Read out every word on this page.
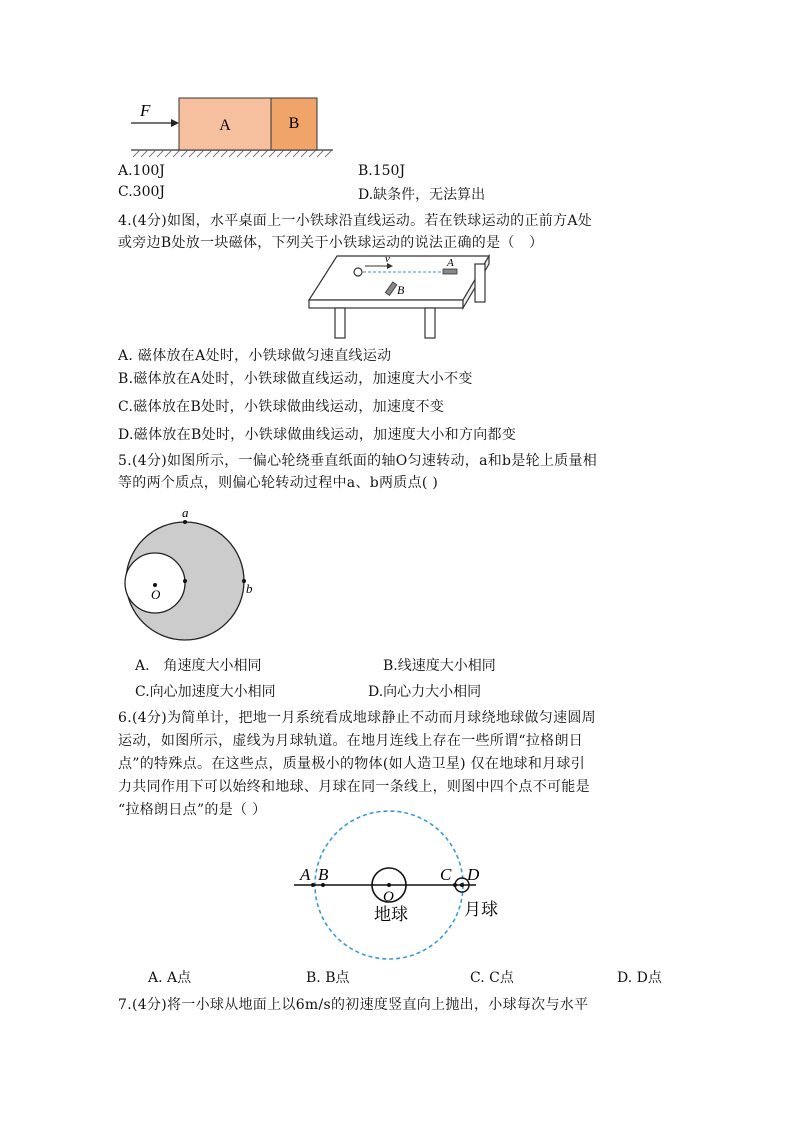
A	B
F
A.100J	B.150J
C.300J	D.缺条件，无法算出
4.(4分)如图，水平桌面上一小铁球沿直线运动。若在铁球运动的正前方A处
或旁边B处放一块磁体，下列关于小铁球运动的说法正确的是（　）
v	A
B
A. 磁体放在A处时，小铁球做匀速直线运动
B.磁体放在A处时，小铁球做直线运动，加速度大小不变
C.磁体放在B处时，小铁球做曲线运动，加速度不变
D.磁体放在B处时，小铁球做曲线运动，加速度大小和方向都变
5.(4分)如图所示，一偏心轮绕垂直纸面的轴O匀速转动，a和b是轮上质量相
等的两个质点，则偏心轮转动过程中a、b两质点( )
a
b
O
A.　角速度大小相同	B.线速度大小相同
C.向心加速度大小相同	D.向心力大小相同
6.(4分)为简单计，把地一月系统看成地球静止不动而月球绕地球做匀速圆周
运动，如图所示，虚线为月球轨道。在地月连线上存在一些所谓“拉格朗日
点”的特殊点。在这些点，质量极小的物体(如人造卫星) 仅在地球和月球引
力共同作用下可以始终和地球、月球在同一条线上，则图中四个点不可能是
“拉格朗日点”的是（ ）
A B	C D
O
地球	月球
A. A点	B. B点	C. C点	D. D点
7.(4分)将一小球从地面上以6m/s的初速度竖直向上抛出，小球每次与水平
